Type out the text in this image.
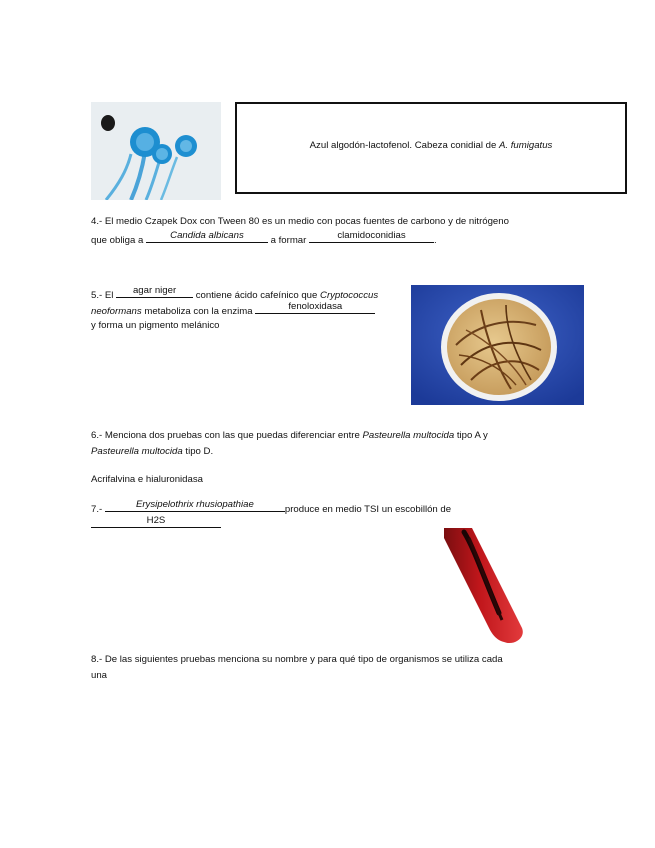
Azul algodón-lactofenol. Cabeza conidial de A. fumigatus
4.- El medio Czapek Dox con Tween 80 es un medio con pocas fuentes de carbono y de nitrógeno
que obliga a	Candida albicans	a formar	clamidoconidias	.
5.- El	agar niger	contiene ácido cafeínico que Cryptococcus
neoformans metaboliza con la enzima	fenoloxidasa
y forma un pigmento melánico
6.- Menciona dos pruebas con las que puedas diferenciar entre Pasteurella multocida tipo A y
Pasteurella multocida tipo D.
Acrifalvina e hialuronidasa
7.-	Erysipelothrix rhusiopathiae	produce en medio TSI un escobillón de
H2S
8.- De las siguientes pruebas menciona su nombre y para qué tipo de organismos se utiliza cada
una
